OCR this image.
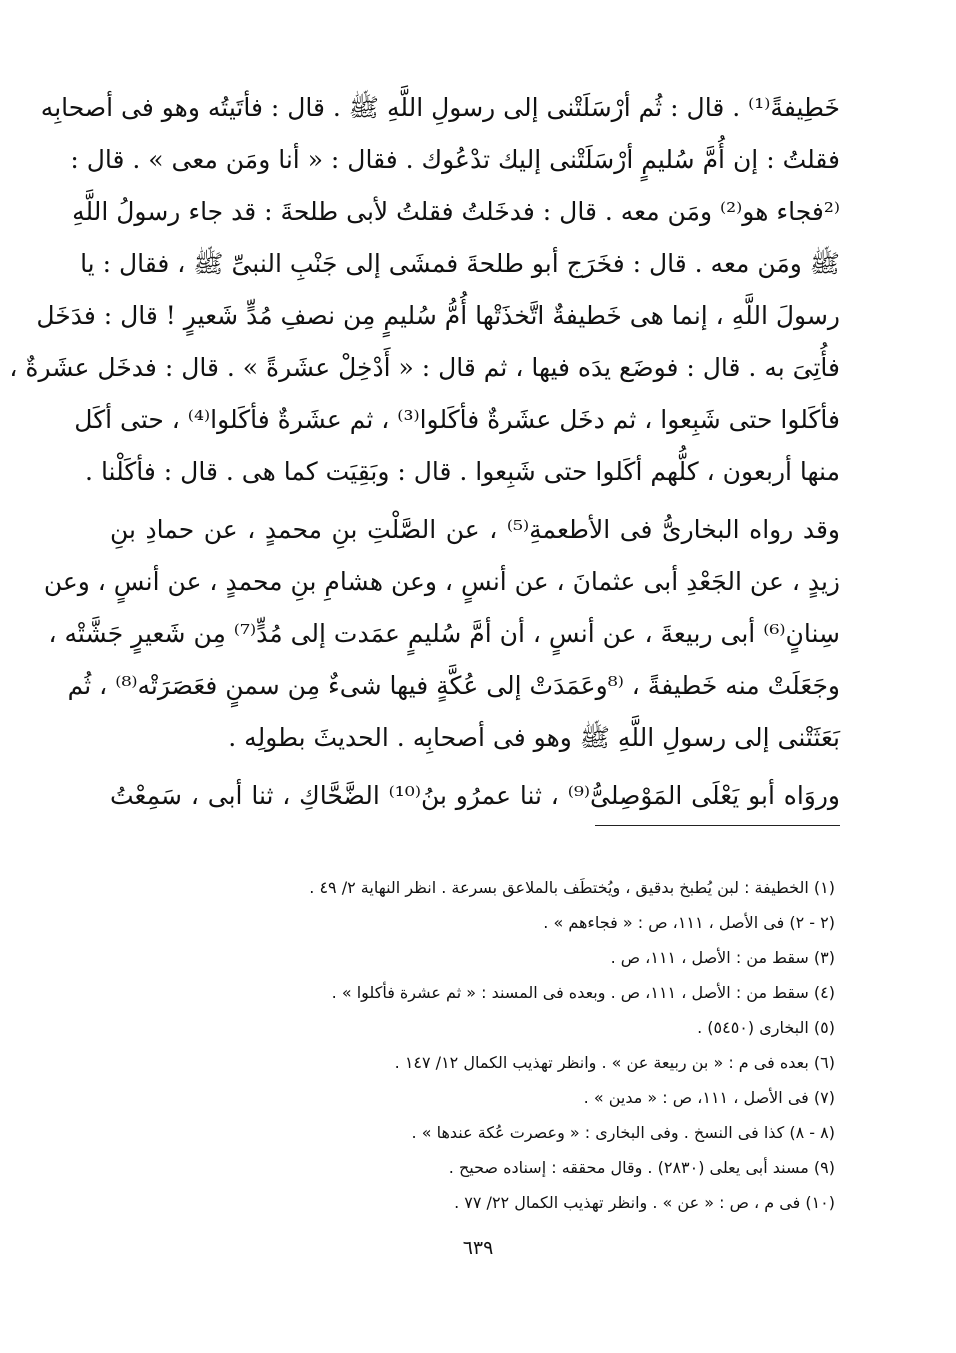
خَطِيفةً⁽¹⁾ . قال : ثُم أرْسَلَتْنى إلى رسولِ اللَّهِ ﷺ . قال : فأتَيتُه وهو فى أصحابِه
فقلتُ : إن أُمَّ سُليمٍ أرْسَلَتْنى إليك تدْعُوك . فقال : « أنا ومَن معى » . قال :
⁽²فجاء هو⁽²⁾ ومَن معه . قال : فدخَلتُ فقلتُ لأبى طلحةَ : قد جاء رسولُ اللَّهِ
ﷺ ومَن معه . قال : فخَرَج أبو طلحةَ فمشَى إلى جَنْبِ النبىِّ ﷺ ، فقال : يا
رسولَ اللَّهِ ، إنما هى خَطيفةٌ اتَّخذَتْها أُمُّ سُليمٍ مِن نصفِ مُدٍّ شَعيرٍ ! قال : فدَخَل
فأُتِىَ به . قال : فوضَع يدَه فيها ، ثم قال : « أَدْخِلْ عشَرةً » . قال : فدخَل عشَرةٌ ،
فأكَلوا حتى شَبِعوا ، ثم دخَل عشَرةٌ فأكَلوا⁽³⁾ ، ثم عشَرةٌ فأكَلوا⁽⁴⁾ ، حتى أكَل
منها أربعون ، كلُّهم أكَلوا حتى شَبِعوا . قال : وبَقِيَت كما هى . قال : فأكَلْنا .

وقد رواه البخارىُّ فى الأطعمةِ⁽⁵⁾ ، عن الصَّلْتِ بنِ محمدٍ ، عن حمادِ بنِ
زيدٍ ، عن الجَعْدِ أبى عثمانَ ، عن أنسٍ ، وعن هشامِ بنِ محمدٍ ، عن أنسٍ ، وعن
سِنانٍ⁽⁶⁾ أبى ربيعةَ ، عن أنسٍ ، أن أمَّ سُليمٍ عمَدت إلى مُدٍّ⁽⁷⁾ مِن شَعيرٍ جَشَّتْه ،
وجَعَلَتْ منه خَطيفةً ، ⁽⁸وعَمَدَتْ إلى عُكَّةٍ فيها شىءٌ مِن سمنٍ فعَصَرَتْه⁽⁸⁾ ، ثُم
بَعَثَتْنى إلى رسولِ اللَّهِ ﷺ وهو فى أصحابِه . الحديثَ بطولِه .

وروَاه أبو يَعْلَى المَوْصِلىُّ⁽⁹⁾ ، ثنا عمرُو بنُ⁽¹⁰⁾ الضَّحَّاكِ ، ثنا أبى ، سَمِعْتُ

(١) الخطيفة : لبن يُطبخ بدقيق ، ويُختطَف بالملاعق بسرعة . انظر النهاية ٢/ ٤٩ .
(٢ - ٢) فى الأصل ، ١١١، ص : « فجاءهم » .
(٣) سقط من : الأصل ، ١١١، ص .
(٤) سقط من : الأصل ، ١١١، ص . وبعده فى المسند : « ثم عشرة فأكلوا » .
(٥) البخارى (٥٤٥٠) .
(٦) بعده فى م : « بن ربيعة عن » . وانظر تهذيب الكمال ١٢/ ١٤٧ .
(٧) فى الأصل ، ١١١، ص : « مدين » .
(٨ - ٨) كذا فى النسخ . وفى البخارى : « وعصرت عُكة عندها » .
(٩) مسند أبى يعلى (٢٨٣٠) . وقال محققه : إسناده صحيح .
(١٠) فى م ، ص : « عن » . وانظر تهذيب الكمال ٢٢/ ٧٧ .
٦٣٩
